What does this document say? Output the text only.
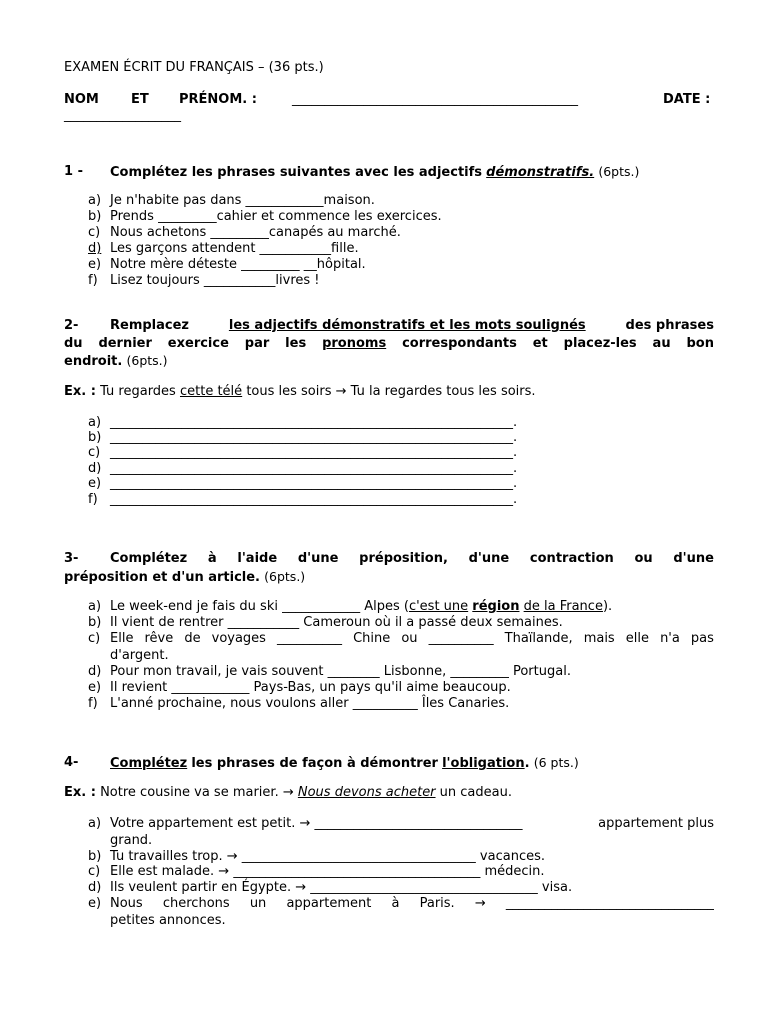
EXAMEN ÉCRIT DU FRANÇAIS – (36 pts.)
NOM ET PRÉNOM. :	____________________________________________	DATE :
__________________
1 - Complétez les phrases suivantes avec les adjectifs démonstratifs. (6pts.)
a) Je n'habite pas dans ____________maison.
b) Prends _________cahier et commence les exercices.
c) Nous achetons _________canapés au marché.
d) Les garçons attendent ___________fille.
e) Notre mère déteste _________ __hôpital.
f) Lisez toujours ___________livres !
2- Remplacez	les adjectifs démonstratifs et les mots soulignés	des phrases
du dernier exercice par les pronoms correspondants et placez-les au bon
endroit. (6pts.)
Ex. : Tu regardes cette télé tous les soirs → Tu la regardes tous les soirs.
a) ______________________________________________________________.
b) ______________________________________________________________.
c) ______________________________________________________________.
d) ______________________________________________________________.
e) ______________________________________________________________.
f) ______________________________________________________________.
3- Complétez à l'aide d'une préposition, d'une contraction ou d'une
préposition et d'un article. (6pts.)
a) Le week-end je fais du ski ____________ Alpes (c'est une région de la France).
b) Il vient de rentrer ___________ Cameroun où il a passé deux semaines.
c) Elle rêve de voyages __________ Chine ou __________ Thaïlande, mais elle n'a pas
d'argent.
d) Pour mon travail, je vais souvent ________ Lisbonne, _________ Portugal.
e) Il revient ____________ Pays-Bas, un pays qu'il aime beaucoup.
f) L'anné prochaine, nous voulons aller __________ Îles Canaries.
4- Complétez les phrases de façon à démontrer l'obligation. (6 pts.)
Ex. : Notre cousine va se marier. → Nous devons acheter un cadeau.
a) Votre appartement est petit. → ________________________________	appartement plus
grand.
b) Tu travailles trop. → ____________________________________ vacances.
c) Elle est malade. → ______________________________________ médecin.
d) Ils veulent partir en Égypte. → ___________________________________ visa.
e) Nous cherchons un appartement à Paris. → ________________________________
petites annonces.
